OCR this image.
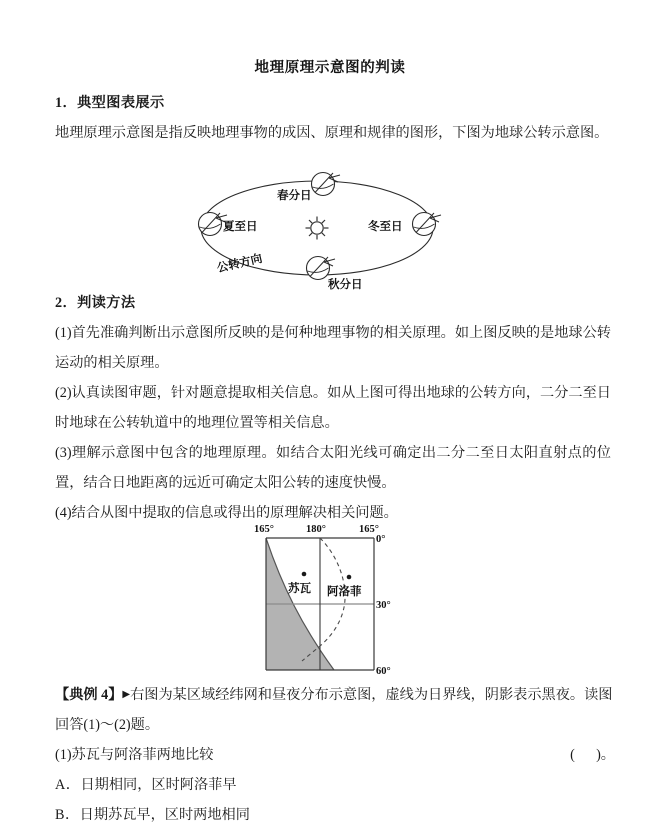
地理原理示意图的判读
1．典型图表展示
地理原理示意图是指反映地理事物的成因、原理和规律的图形，下图为地球公转示意图。
春分日
夏至日	冬至日
秋分日
公转方向
2．判读方法
(1)首先准确判断出示意图所反映的是何种地理事物的相关原理。如上图反映的是地球公转运动的相关原理。
(2)认真读图审题，针对题意提取相关信息。如从上图可得出地球的公转方向，二分二至日时地球在公转轨道中的地理位置等相关信息。
(3)理解示意图中包含的地理原理。如结合太阳光线可确定出二分二至日太阳直射点的位置，结合日地距离的远近可确定太阳公转的速度快慢。
(4)结合从图中提取的信息或得出的原理解决相关问题。
苏瓦 阿洛菲
165°	180°	165°
0°
30°
60°
【典例 4】▶右图为某区域经纬网和昼夜分布示意图，虚线为日界线，阴影表示黑夜。读图回答(1)～(2)题。
(1)苏瓦与阿洛菲两地比较	(      )。
A．日期相同，区时阿洛菲早
B．日期苏瓦早，区时两地相同
